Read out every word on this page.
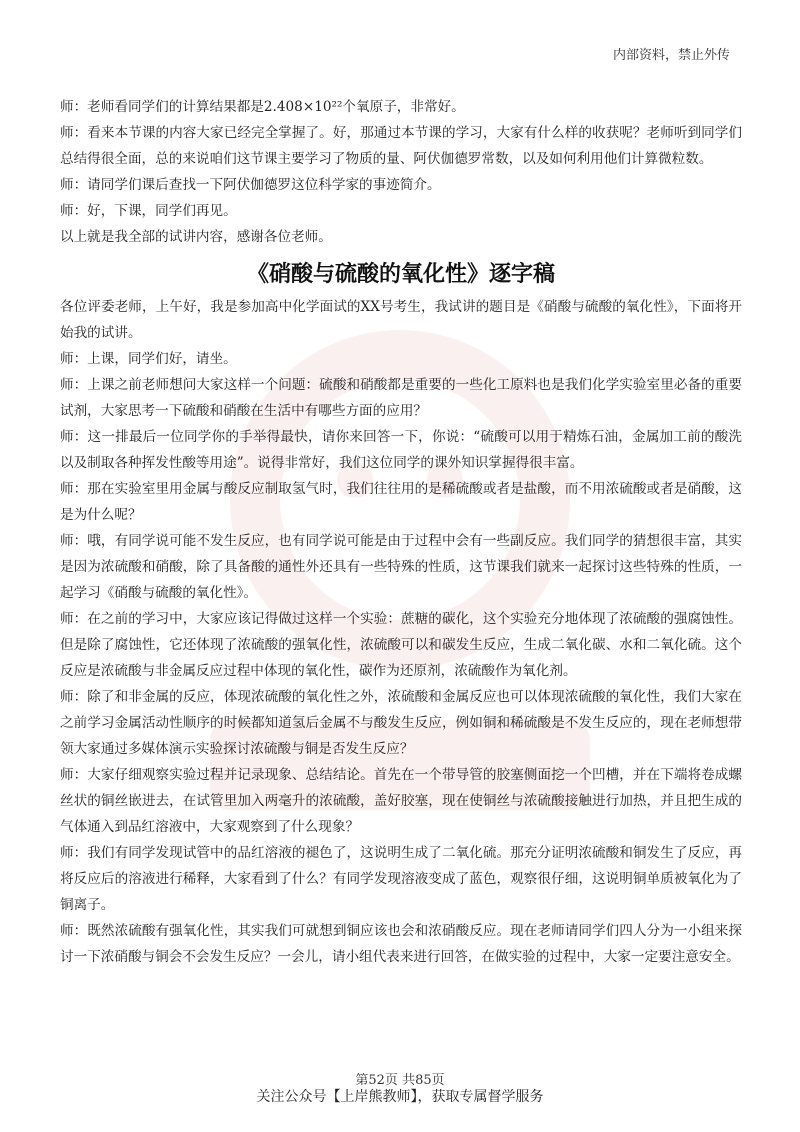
内部资料，禁止外传

师：老师看同学们的计算结果都是2.408×10²²个氧原子，非常好。

师：看来本节课的内容大家已经完全掌握了。好，那通过本节课的学习，大家有什么样的收获呢？老师听到同学们总结得很全面，总的来说咱们这节课主要学习了物质的量、阿伏伽德罗常数，以及如何利用他们计算微粒数。

师：请同学们课后查找一下阿伏伽德罗这位科学家的事迹简介。

师：好，下课，同学们再见。

以上就是我全部的试讲内容，感谢各位老师。

《硝酸与硫酸的氧化性》逐字稿

各位评委老师，上午好，我是参加高中化学面试的XX号考生，我试讲的题目是《硝酸与硫酸的氧化性》，下面将开始我的试讲。

师：上课，同学们好，请坐。

师：上课之前老师想问大家这样一个问题：硫酸和硝酸都是重要的一些化工原料也是我们化学实验室里必备的重要试剂，大家思考一下硫酸和硝酸在生活中有哪些方面的应用？

师：这一排最后一位同学你的手举得最快，请你来回答一下，你说：“硫酸可以用于精炼石油，金属加工前的酸洗以及制取各种挥发性酸等用途”。说得非常好，我们这位同学的课外知识掌握得很丰富。

师：那在实验室里用金属与酸反应制取氢气时，我们往往用的是稀硫酸或者是盐酸，而不用浓硫酸或者是硝酸，这是为什么呢？

师：哦，有同学说可能不发生反应，也有同学说可能是由于过程中会有一些副反应。我们同学的猜想很丰富，其实是因为浓硫酸和硝酸，除了具备酸的通性外还具有一些特殊的性质，这节课我们就来一起探讨这些特殊的性质，一起学习《硝酸与硫酸的氧化性》。

师：在之前的学习中，大家应该记得做过这样一个实验：蔗糖的碳化，这个实验充分地体现了浓硫酸的强腐蚀性。但是除了腐蚀性，它还体现了浓硫酸的强氧化性，浓硫酸可以和碳发生反应，生成二氧化碳、水和二氧化硫。这个反应是浓硫酸与非金属反应过程中体现的氧化性，碳作为还原剂，浓硫酸作为氧化剂。

师：除了和非金属的反应，体现浓硫酸的氧化性之外，浓硫酸和金属反应也可以体现浓硫酸的氧化性，我们大家在之前学习金属活动性顺序的时候都知道氢后金属不与酸发生反应，例如铜和稀硫酸是不发生反应的，现在老师想带领大家通过多媒体演示实验探讨浓硫酸与铜是否发生反应？

师：大家仔细观察实验过程并记录现象、总结结论。首先在一个带导管的胶塞侧面挖一个凹槽，并在下端将卷成螺丝状的铜丝嵌进去，在试管里加入两毫升的浓硫酸，盖好胶塞，现在使铜丝与浓硫酸接触进行加热，并且把生成的气体通入到品红溶液中，大家观察到了什么现象？

师：我们有同学发现试管中的品红溶液的褪色了，这说明生成了二氧化硫。那充分证明浓硫酸和铜发生了反应，再将反应后的溶液进行稀释，大家看到了什么？有同学发现溶液变成了蓝色，观察很仔细，这说明铜单质被氧化为了铜离子。

师：既然浓硫酸有强氧化性，其实我们可就想到铜应该也会和浓硝酸反应。现在老师请同学们四人分为一小组来探讨一下浓硝酸与铜会不会发生反应？一会儿，请小组代表来进行回答，在做实验的过程中，大家一定要注意安全。

第52页 共85页
关注公众号【上岸熊教师】，获取专属督学服务
